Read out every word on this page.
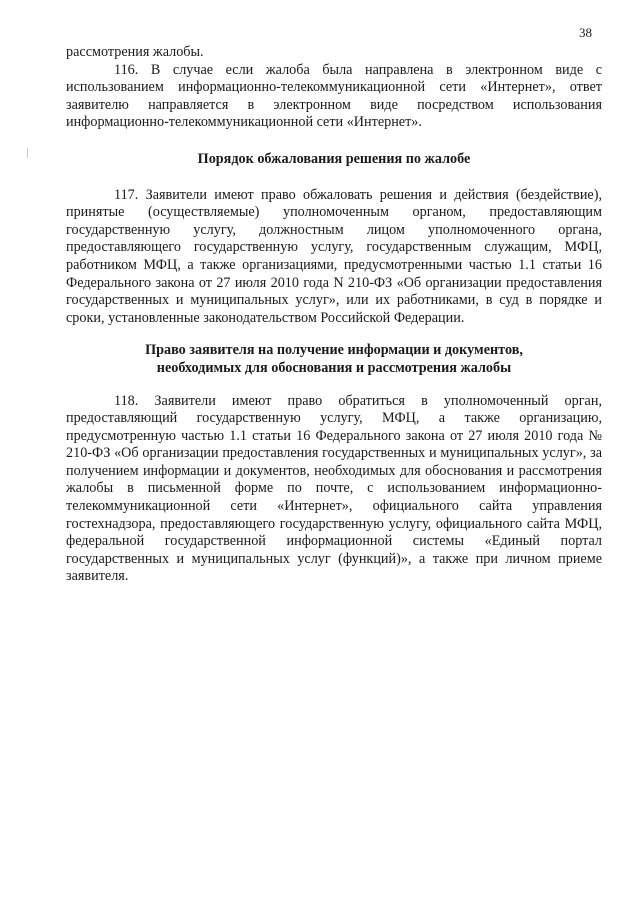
38

рассмотрения жалобы.

116. В случае если жалоба была направлена в электронном виде с использованием информационно-телекоммуникационной сети «Интернет», ответ заявителю направляется в электронном виде посредством использования информационно-телекоммуникационной сети «Интернет».

Порядок обжалования решения по жалобе

117. Заявители имеют право обжаловать решения и действия (бездействие), принятые (осуществляемые) уполномоченным органом, предоставляющим государственную услугу, должностным лицом уполномоченного органа, предоставляющего государственную услугу, государственным служащим, МФЦ, работником МФЦ, а также организациями, предусмотренными частью 1.1 статьи 16 Федерального закона от 27 июля 2010 года N 210-ФЗ «Об организации предоставления государственных и муниципальных услуг», или их работниками, в суд в порядке и сроки, установленные законодательством Российской Федерации.

Право заявителя на получение информации и документов,
необходимых для обоснования и рассмотрения жалобы

118. Заявители имеют право обратиться в уполномоченный орган, предоставляющий государственную услугу, МФЦ, а также организацию, предусмотренную частью 1.1 статьи 16 Федерального закона от 27 июля 2010 года № 210-ФЗ «Об организации предоставления государственных и муниципальных услуг», за получением информации и документов, необходимых для обоснования и рассмотрения жалобы в письменной форме по почте, с использованием информационно-телекоммуникационной сети «Интернет», официального сайта управления гостехнадзора, предоставляющего государственную услугу, официального сайта МФЦ, федеральной государственной информационной системы «Единый портал государственных и муниципальных услуг (функций)», а также при личном приеме заявителя.
